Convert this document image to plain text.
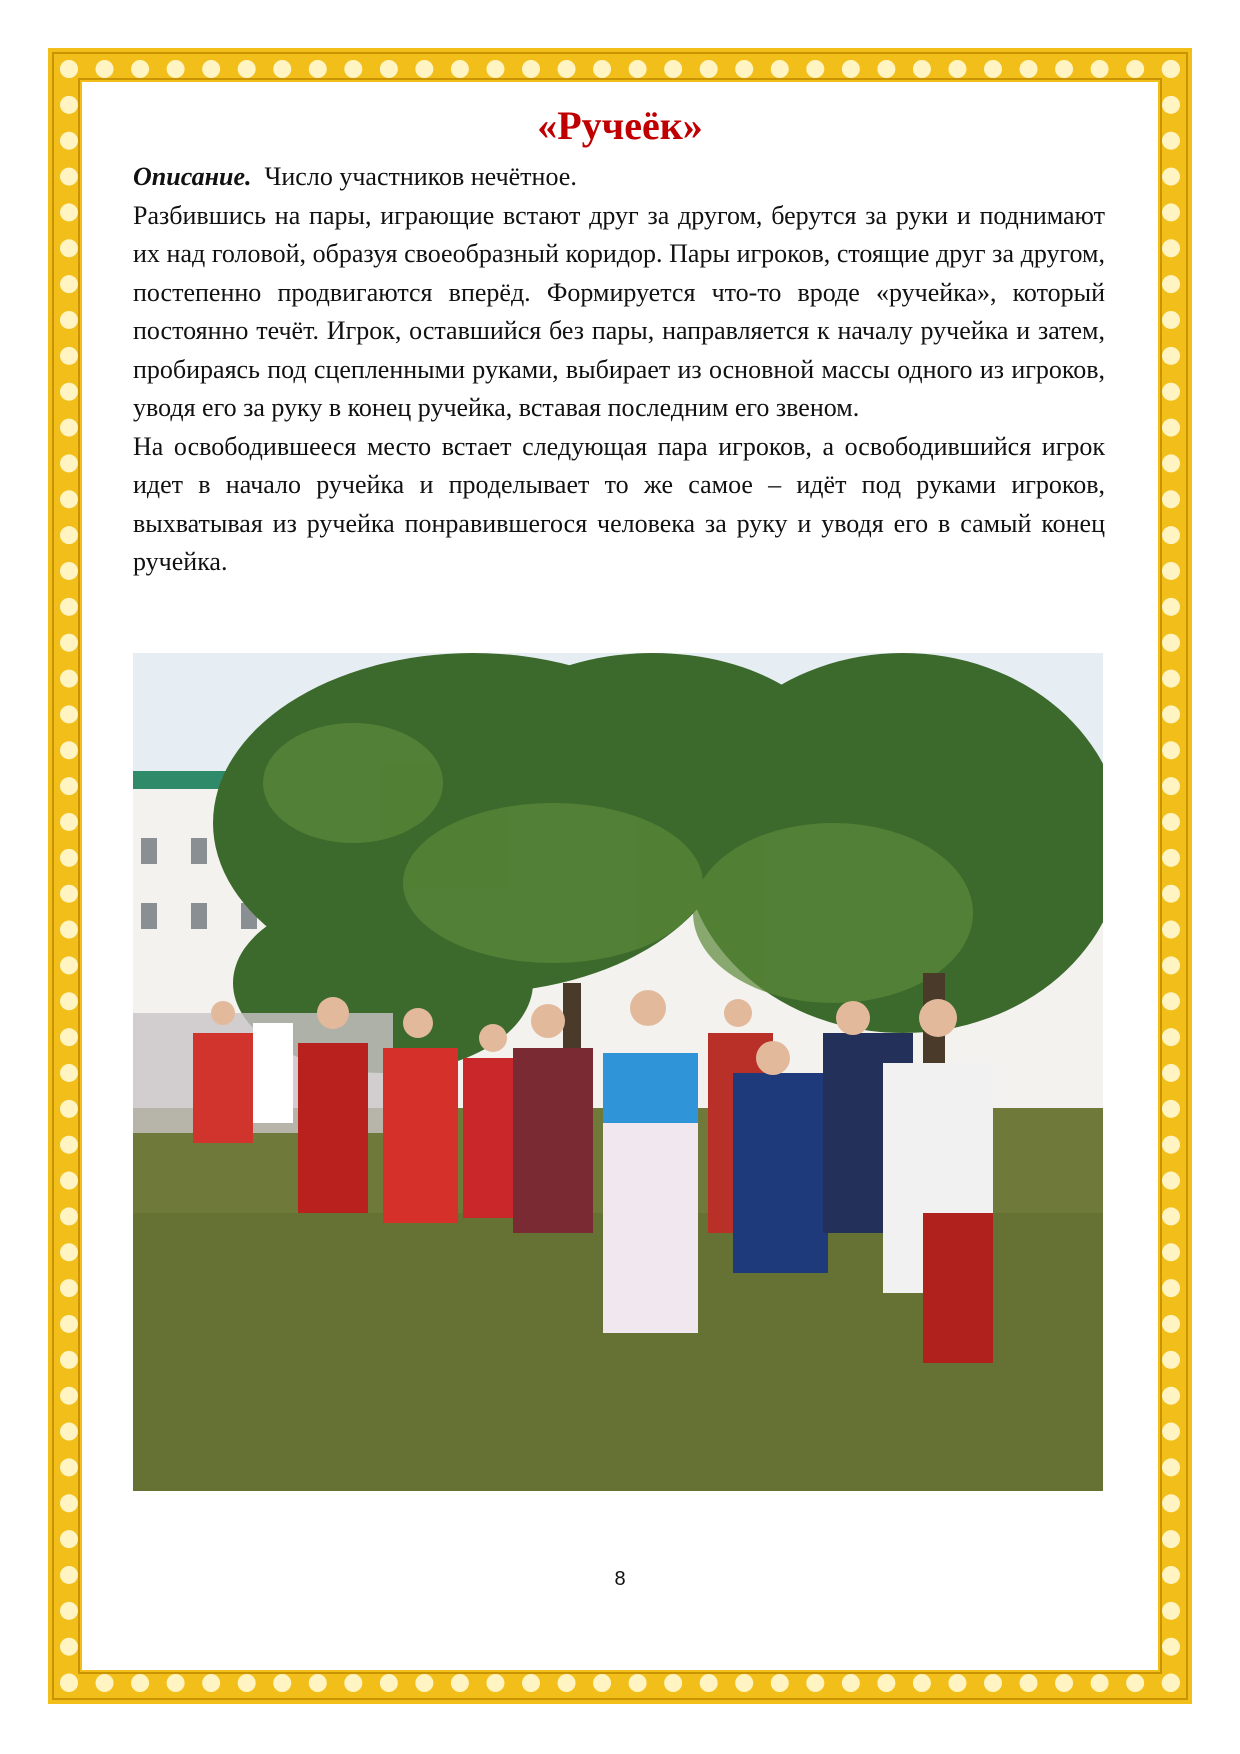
«Ручеёк»

Описание. Число участников нечётное.

Разбившись на пары, играющие встают друг за другом, берутся за руки и поднимают их над головой, образуя своеобразный коридор. Пары игроков, стоящие друг за другом, постепенно продвигаются вперёд. Формируется что-то вроде «ручейка», который постоянно течёт. Игрок, оставшийся без пары, направляется к началу ручейка и затем, пробираясь под сцепленными руками, выбирает из основной массы одного из игроков, уводя его за руку в конец ручейка, вставая последним его звеном.

На освободившееся место встает следующая пара игроков, а освободившийся игрок идет в начало ручейка и проделывает то же самое – идёт под руками игроков, выхватывая из ручейка понравившегося человека за руку и уводя его в самый конец ручейка.

8
